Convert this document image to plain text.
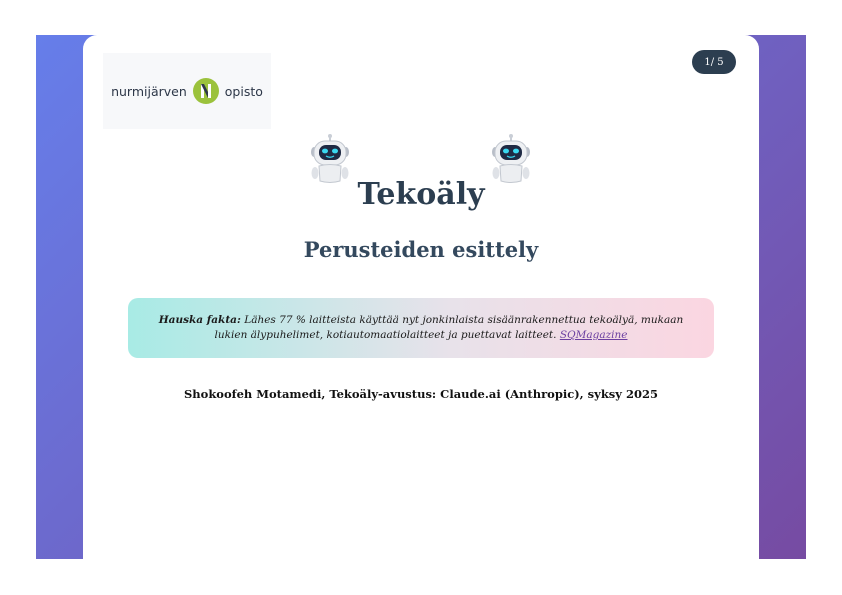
nurmijärven	opisto
1/ 5
Tekoäly
Perusteiden esittely
Hauska fakta: Lähes 77 % laitteista käyttää nyt jonkinlaista sisäänrakennettua tekoälyä, mukaan lukien älypuhelimet, kotiautomaatiolaitteet ja puettavat laitteet. SQMagazine
Shokoofeh Motamedi, Tekoäly-avustus: Claude.ai (Anthropic), syksy 2025
